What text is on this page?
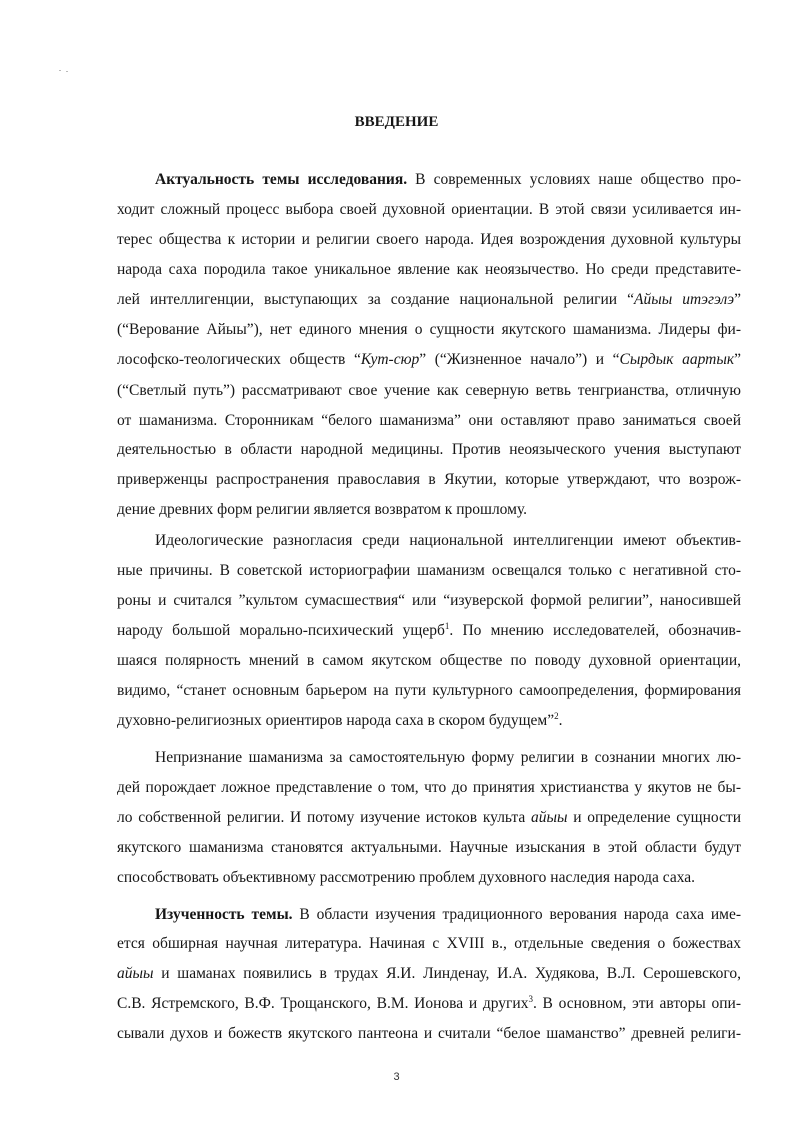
ВВЕДЕНИЕ
Актуальность темы исследования. В современных условиях наше общество про-
ходит сложный процесс выбора своей духовной ориентации. В этой связи усиливается ин-
терес общества к истории и религии своего народа. Идея возрождения духовной культуры
народа саха породила такое уникальное явление как неоязычество. Но среди представите-
лей интеллигенции, выступающих за создание национальной религии “Айыы итэгэлэ”
(“Верование Айыы”), нет единого мнения о сущности якутского шаманизма. Лидеры фи-
лософско-теологических обществ “Кут-сюр” (“Жизненное начало”) и “Сырдык аартык”
(“Светлый путь”) рассматривают свое учение как северную ветвь тенгрианства, отличную
от шаманизма. Сторонникам “белого шаманизма” они оставляют право заниматься своей
деятельностью в области народной медицины. Против неоязыческого учения выступают
приверженцы распространения православия в Якутии, которые утверждают, что возрож-
дение древних форм религии является возвратом к прошлому.
Идеологические разногласия среди национальной интеллигенции имеют объектив-
ные причины. В советской историографии шаманизм освещался только с негативной сто-
роны и считался ”культом сумасшествия“ или “изуверской формой религии”, наносившей
народу большой морально-психический ущерб$^1$. По мнению исследователей, обозначив-
шаяся полярность мнений в самом якутском обществе по поводу духовной ориентации,
видимо, “станет основным барьером на пути культурного самоопределения, формирования
духовно-религиозных ориентиров народа саха в скором будущем”$^2$.
Непризнание шаманизма за самостоятельную форму религии в сознании многих лю-
дей порождает ложное представление о том, что до принятия христианства у якутов не бы-
ло собственной религии. И потому изучение истоков культа айыы и определение сущности
якутского шаманизма становятся актуальными. Научные изыскания в этой области будут
способствовать объективному рассмотрению проблем духовного наследия народа саха.
Изученность темы. В области изучения традиционного верования народа саха име-
ется обширная научная литература. Начиная с XVIII в., отдельные сведения о божествах
айыы и шаманах появились в трудах Я.И. Линденау, И.А. Худякова, В.Л. Серошевского,
С.В. Ястремского, В.Ф. Трощанского, В.М. Ионова и других$^3$. В основном, эти авторы опи-
сывали духов и божеств якутского пантеона и считали “белое шаманство” древней религи-
3
